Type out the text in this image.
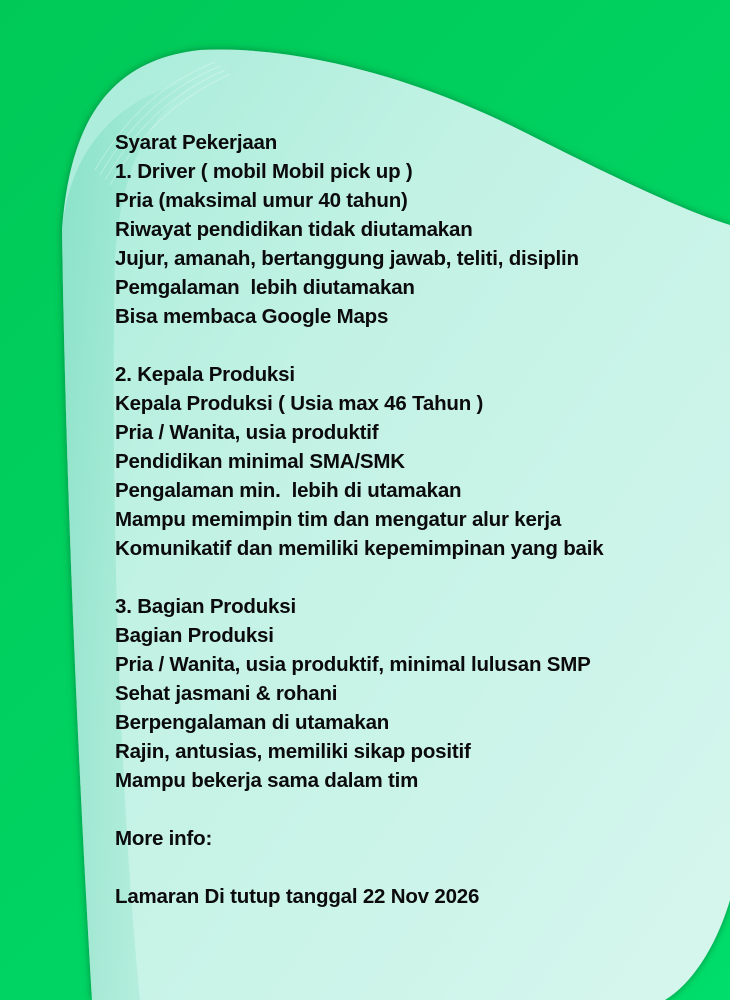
Syarat Pekerjaan
1. Driver ( mobil Mobil pick up )
Pria (maksimal umur 40 tahun)
Riwayat pendidikan tidak diutamakan
Jujur, amanah, bertanggung jawab, teliti, disiplin
Pemgalaman  lebih diutamakan
Bisa membaca Google Maps
2. Kepala Produksi
Kepala Produksi ( Usia max 46 Tahun )
Pria / Wanita, usia produktif
Pendidikan minimal SMA/SMK
Pengalaman min.  lebih di utamakan
Mampu memimpin tim dan mengatur alur kerja
Komunikatif dan memiliki kepemimpinan yang baik
3. Bagian Produksi
Bagian Produksi
Pria / Wanita, usia produktif, minimal lulusan SMP
Sehat jasmani & rohani
Berpengalaman di utamakan
Rajin, antusias, memiliki sikap positif
Mampu bekerja sama dalam tim
More info:
Lamaran Di tutup tanggal 22 Nov 2026
